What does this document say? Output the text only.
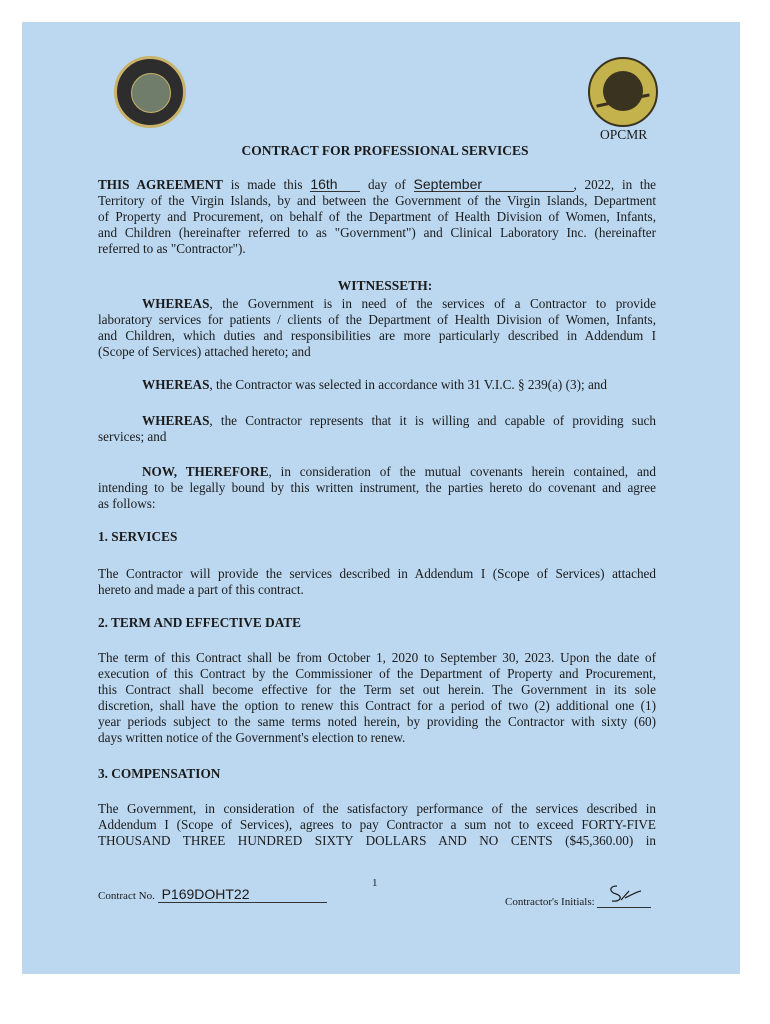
OPCMR
CONTRACT FOR PROFESSIONAL SERVICES
THIS AGREEMENT is made this 16th day of September	, 2022, in the
Territory of the Virgin Islands, by and between the Government of the Virgin Islands, Department
of Property and Procurement, on behalf of the Department of Health Division of Women, Infants,
and Children (hereinafter referred to as "Government") and Clinical Laboratory Inc. (hereinafter
referred to as "Contractor").
WITNESSETH:
WHEREAS, the Government is in need of the services of a Contractor to provide
laboratory services for patients / clients of the Department of Health Division of Women, Infants,
and Children, which duties and responsibilities are more particularly described in Addendum I
(Scope of Services) attached hereto; and
WHEREAS, the Contractor was selected in accordance with 31 V.I.C. § 239(a) (3); and
WHEREAS, the Contractor represents that it is willing and capable of providing such
services; and
NOW, THEREFORE, in consideration of the mutual covenants herein contained, and
intending to be legally bound by this written instrument, the parties hereto do covenant and agree
as follows:
1. SERVICES
The Contractor will provide the services described in Addendum I (Scope of Services) attached
hereto and made a part of this contract.
2. TERM AND EFFECTIVE DATE
The term of this Contract shall be from October 1, 2020 to September 30, 2023. Upon the date of
execution of this Contract by the Commissioner of the Department of Property and Procurement,
this Contract shall become effective for the Term set out herein. The Government in its sole
discretion, shall have the option to renew this Contract for a period of two (2) additional one (1)
year periods subject to the same terms noted herein, by providing the Contractor with sixty (60)
days written notice of the Government's election to renew.
3. COMPENSATION
The Government, in consideration of the satisfactory performance of the services described in
Addendum I (Scope of Services), agrees to pay Contractor a sum not to exceed FORTY-FIVE
THOUSAND THREE HUNDRED SIXTY DOLLARS AND NO CENTS ($45,360.00) in
1
Contract No. P169DOHT22	Contractor's Initials:
